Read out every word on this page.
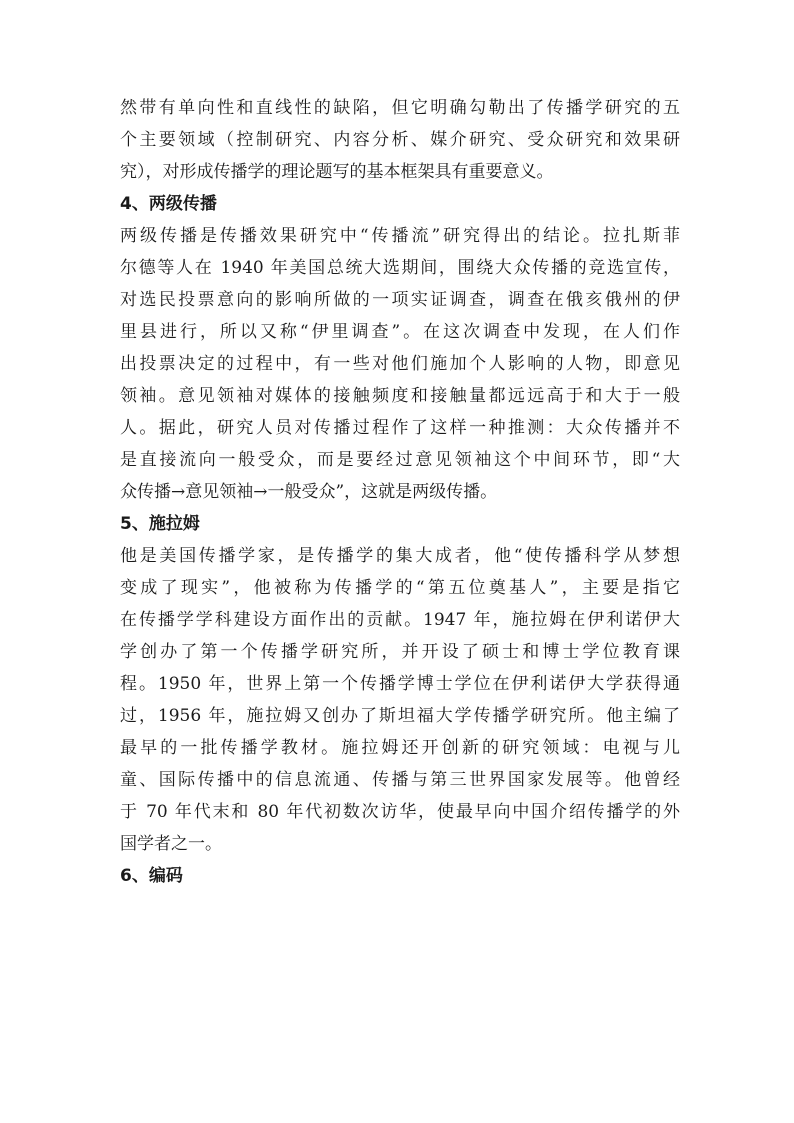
然带有单向性和直线性的缺陷，但它明确勾勒出了传播学研究的五
个主要领域（控制研究、内容分析、媒介研究、受众研究和效果研
究），对形成传播学的理论题写的基本框架具有重要意义。
4、两级传播
两级传播是传播效果研究中“传播流”研究得出的结论。拉扎斯菲
尔德等人在 1940 年美国总统大选期间，围绕大众传播的竞选宣传，
对选民投票意向的影响所做的一项实证调查，调查在俄亥俄州的伊
里县进行，所以又称“伊里调查”。在这次调查中发现，在人们作
出投票决定的过程中，有一些对他们施加个人影响的人物，即意见
领袖。意见领袖对媒体的接触频度和接触量都远远高于和大于一般
人。据此，研究人员对传播过程作了这样一种推测：大众传播并不
是直接流向一般受众，而是要经过意见领袖这个中间环节，即“大
众传播→意见领袖→一般受众”，这就是两级传播。
5、施拉姆
他是美国传播学家，是传播学的集大成者，他“使传播科学从梦想
变成了现实”，他被称为传播学的“第五位奠基人”，主要是指它
在传播学学科建设方面作出的贡献。1947 年，施拉姆在伊利诺伊大
学创办了第一个传播学研究所，并开设了硕士和博士学位教育课
程。1950 年，世界上第一个传播学博士学位在伊利诺伊大学获得通
过，1956 年，施拉姆又创办了斯坦福大学传播学研究所。他主编了
最早的一批传播学教材。施拉姆还开创新的研究领域：电视与儿
童、国际传播中的信息流通、传播与第三世界国家发展等。他曾经
于 70 年代末和 80 年代初数次访华，使最早向中国介绍传播学的外
国学者之一。
6、编码
